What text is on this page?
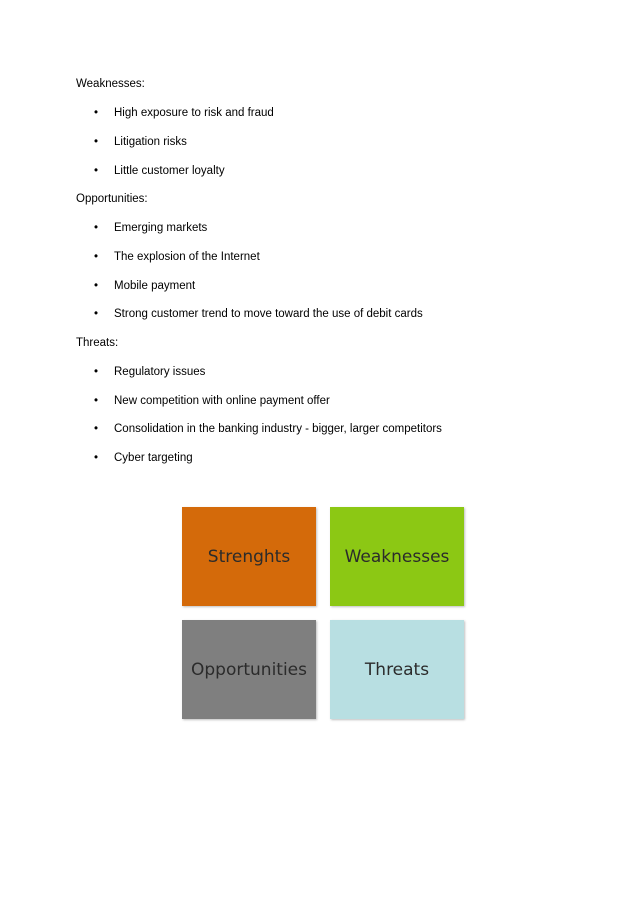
Weaknesses:
• High exposure to risk and fraud
• Litigation risks
• Little customer loyalty
Opportunities:
• Emerging markets
• The explosion of the Internet
• Mobile payment
• Strong customer trend to move toward the use of debit cards
Threats:
• Regulatory issues
• New competition with online payment offer
• Consolidation in the banking industry - bigger, larger competitors
• Cyber targeting
Strenghts	Weaknesses
Opportunities	Threats
